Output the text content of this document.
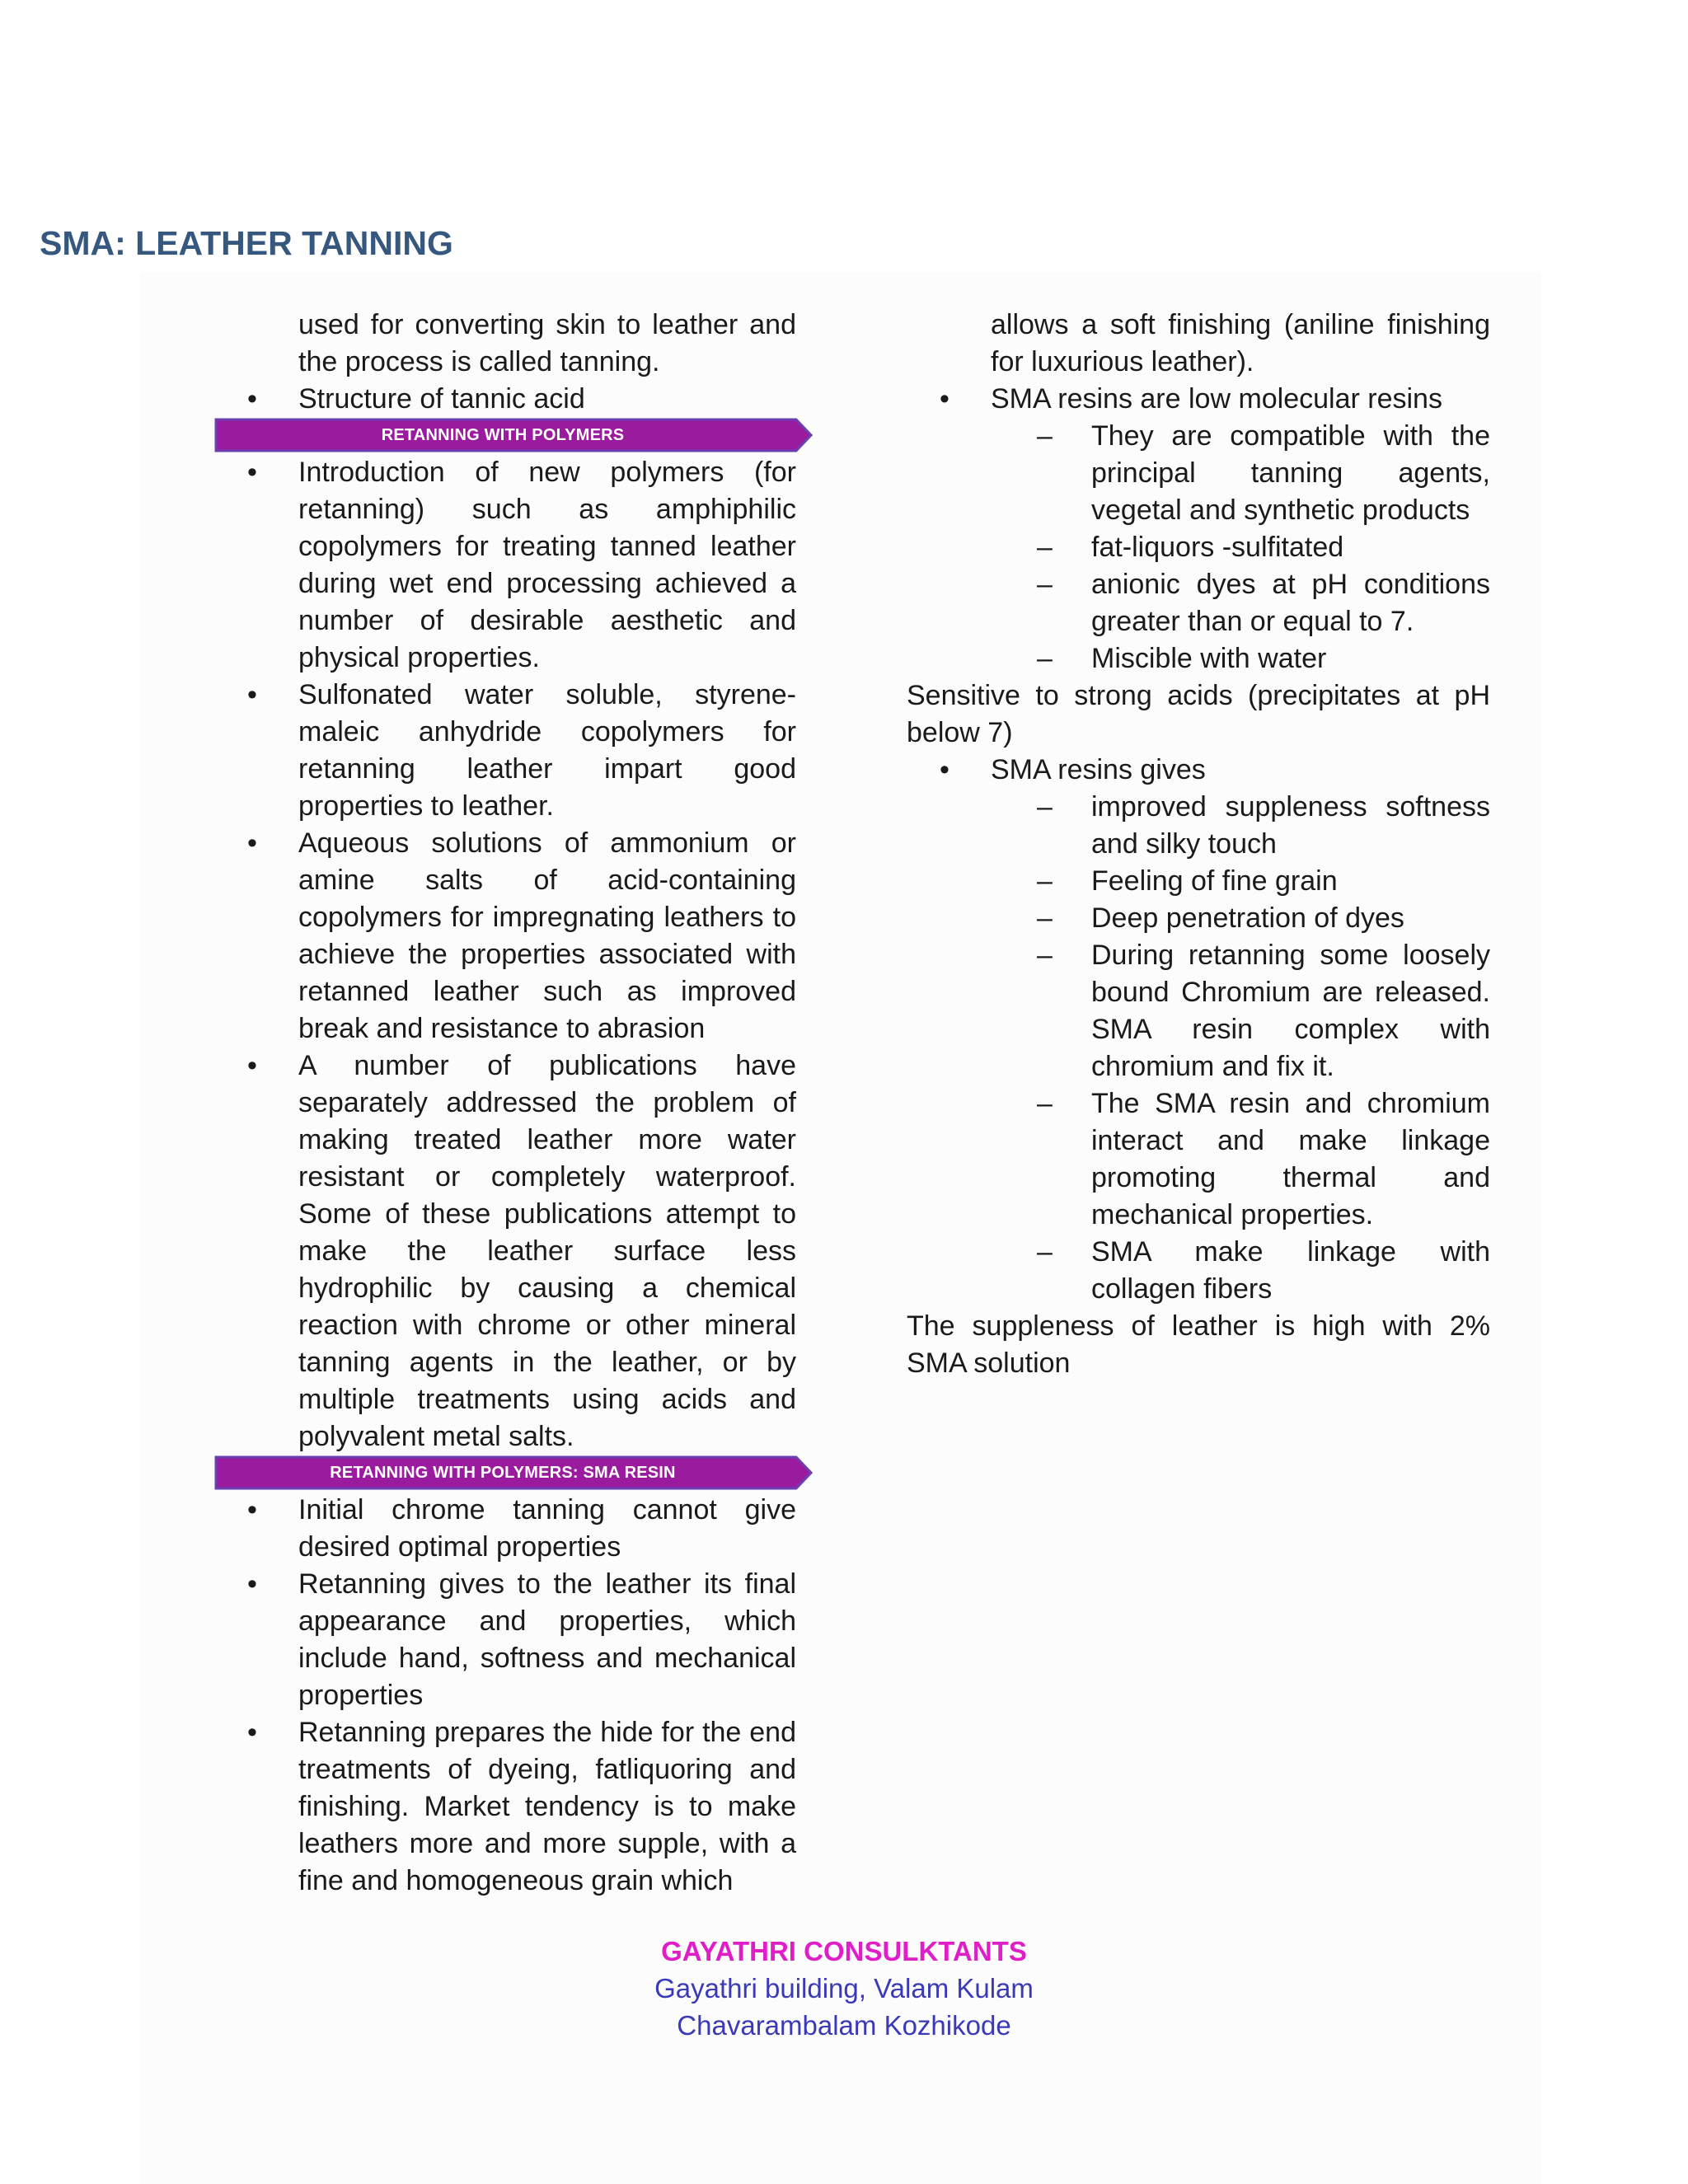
SMA: LEATHER TANNING

used for converting skin to leather and the process is called tanning.

• Structure of tannic acid
RETANNING WITH POLYMERS
• Introduction of new polymers (for retanning) such as amphiphilic copolymers for treating tanned leather during wet end processing achieved a number of desirable aesthetic and physical properties.
• Sulfonated water soluble, styrene-maleic anhydride copolymers for retanning leather impart good properties to leather.
• Aqueous solutions of ammonium or amine salts of acid-containing copolymers for impregnating leathers to achieve the properties associated with retanned leather such as improved break and resistance to abrasion
• A number of publications have separately addressed the problem of making treated leather more water resistant or completely waterproof. Some of these publications attempt to make the leather surface less hydrophilic by causing a chemical reaction with chrome or other mineral tanning agents in the leather, or by multiple treatments using acids and polyvalent metal salts.
RETANNING WITH POLYMERS: SMA RESIN
• Initial chrome tanning cannot give desired optimal properties
• Retanning gives to the leather its final appearance and properties, which include hand, softness and mechanical properties
• Retanning prepares the hide for the end treatments of dyeing, fatliquoring and finishing. Market tendency is to make leathers more and more supple, with a fine and homogeneous grain which

allows a soft finishing (aniline finishing for luxurious leather).

• SMA resins are low molecular resins
– They are compatible with the principal tanning agents, vegetal and synthetic products
– fat-liquors -sulfitated
– anionic dyes at pH conditions greater than or equal to 7.
– Miscible with water

Sensitive to strong acids (precipitates at pH below 7)

• SMA resins gives
– improved suppleness softness and silky touch
– Feeling of fine grain
– Deep penetration of dyes
– During retanning some loosely bound Chromium are released. SMA resin complex with chromium and fix it.
– The SMA resin and chromium interact and make linkage promoting thermal and mechanical properties.
– SMA make linkage with collagen fibers

The suppleness of leather is high with 2% SMA solution

GAYATHRI CONSULKTANTS
Gayathri building, Valam Kulam
Chavarambalam Kozhikode
